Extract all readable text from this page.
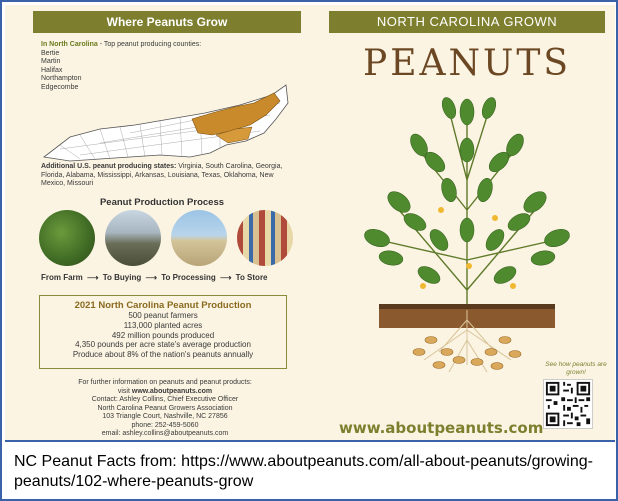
Where Peanuts Grow
In North Carolina - Top peanut producing counties:
Bertie
Martin
Halifax
Northampton
Edgecombe
Additional U.S. peanut producing states: Virginia, South Carolina, Georgia, Florida, Alabama, Mississippi, Arkansas, Louisiana, Texas, Oklahoma, New Mexico, Missouri
Peanut Production Process
From Farm ⟶ To Buying ⟶ To Processing ⟶ To Store
2021 North Carolina Peanut Production
500 peanut farmers
113,000 planted acres
492 million pounds produced
4,350 pounds per acre state's average production
Produce about 8% of the nation's peanuts annually
For further information on peanuts and peanut products:
visit www.aboutpeanuts.com
Contact: Ashley Collins, Chief Executive Officer
North Carolina Peanut Growers Association
103 Triangle Court, Nashville, NC 27856
phone: 252-459-5060
email: ashley.collins@aboutpeanuts.com
NORTH CAROLINA GROWN
PEANUTS
See how peanuts are grown!
www.aboutpeanuts.com
NC Peanut Facts from: https://www.aboutpeanuts.com/all-about-peanuts/growing-peanuts/102-where-peanuts-grow
